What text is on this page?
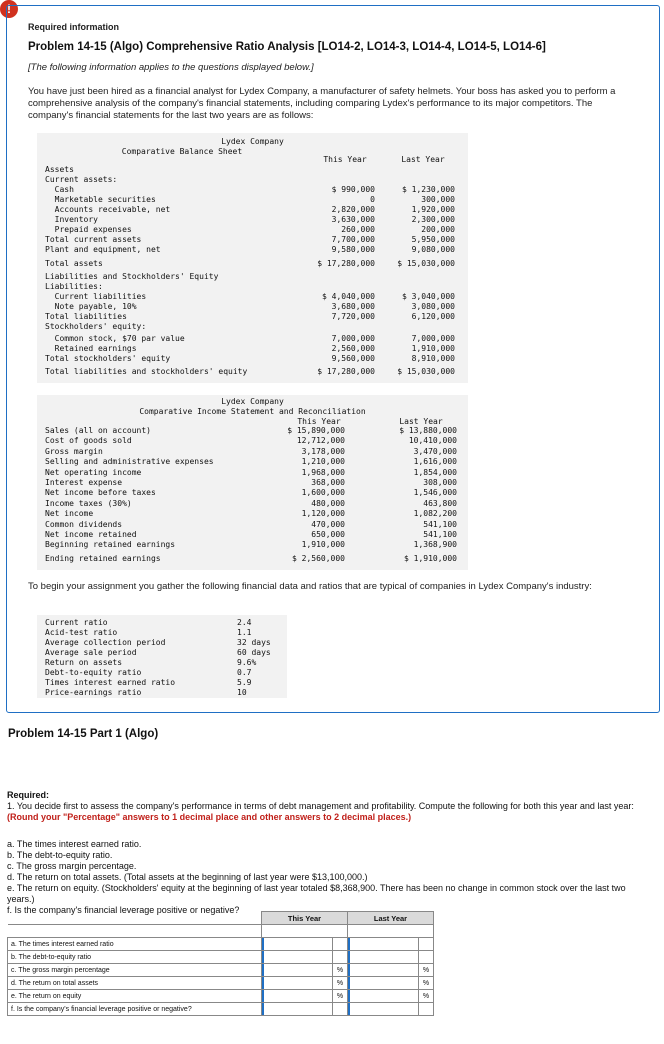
!
Required information
Problem 14-15 (Algo) Comprehensive Ratio Analysis [LO14-2, LO14-3, LO14-4, LO14-5, LO14-6]
[The following information applies to the questions displayed below.]
You have just been hired as a financial analyst for Lydex Company, a manufacturer of safety helmets. Your boss has asked you to perform a comprehensive analysis of the company's financial statements, including comparing Lydex's performance to its major competitors. The company's financial statements for the last two years are as follows:
Lydex Company
Comparative Balance Sheet
This Year	Last Year
Assets
Current assets:
Cash	$ 990,000	$ 1,230,000
Marketable securities	0	300,000
Accounts receivable, net	2,820,000	1,920,000
Inventory	3,630,000	2,300,000
Prepaid expenses	260,000	200,000
Total current assets	7,700,000	5,950,000
Plant and equipment, net	9,580,000	9,080,000
Total assets	$ 17,280,000	$ 15,030,000
Liabilities and Stockholders' Equity
Liabilities:
Current liabilities	$ 4,040,000	$ 3,040,000
Note payable, 10%	3,680,000	3,080,000
Total liabilities	7,720,000	6,120,000
Stockholders' equity:
Common stock, $70 par value	7,000,000	7,000,000
Retained earnings	2,560,000	1,910,000
Total stockholders' equity	9,560,000	8,910,000
Total liabilities and stockholders' equity	$ 17,280,000	$ 15,030,000
Lydex Company
Comparative Income Statement and Reconciliation
This Year	Last Year
Sales (all on account)	$ 15,890,000	$ 13,880,000
Cost of goods sold	12,712,000	10,410,000
Gross margin	3,178,000	3,470,000
Selling and administrative expenses	1,210,000	1,616,000
Net operating income	1,968,000	1,854,000
Interest expense	368,000	308,000
Net income before taxes	1,600,000	1,546,000
Income taxes (30%)	480,000	463,800
Net income	1,120,000	1,082,200
Common dividends	470,000	541,100
Net income retained	650,000	541,100
Beginning retained earnings	1,910,000	1,368,900
Ending retained earnings	$ 2,560,000	$ 1,910,000
To begin your assignment you gather the following financial data and ratios that are typical of companies in Lydex Company's industry:
Current ratio	2.4
Acid-test ratio	1.1
Average collection period	32 days
Average sale period	60 days
Return on assets	9.6%
Debt-to-equity ratio	0.7
Times interest earned ratio	5.9
Price-earnings ratio	10
Problem 14-15 Part 1 (Algo)
Required:
1. You decide first to assess the company's performance in terms of debt management and profitability. Compute the following for both this year and last year: (Round your "Percentage" answers to 1 decimal place and other answers to 2 decimal places.)
a. The times interest earned ratio.
b. The debt-to-equity ratio.
c. The gross margin percentage.
d. The return on total assets. (Total assets at the beginning of last year were $13,100,000.)
e. The return on equity. (Stockholders' equity at the beginning of last year totaled $8,368,900. There has been no change in common stock over the last two years.)
f. Is the company's financial leverage positive or negative?
	This Year		Last Year	

a. The times interest earned ratio				
b. The debt-to-equity ratio				
c. The gross margin percentage		%		%
d. The return on total assets		%		%
e. The return on equity		%		%
f. Is the company's financial leverage positive or negative?				
